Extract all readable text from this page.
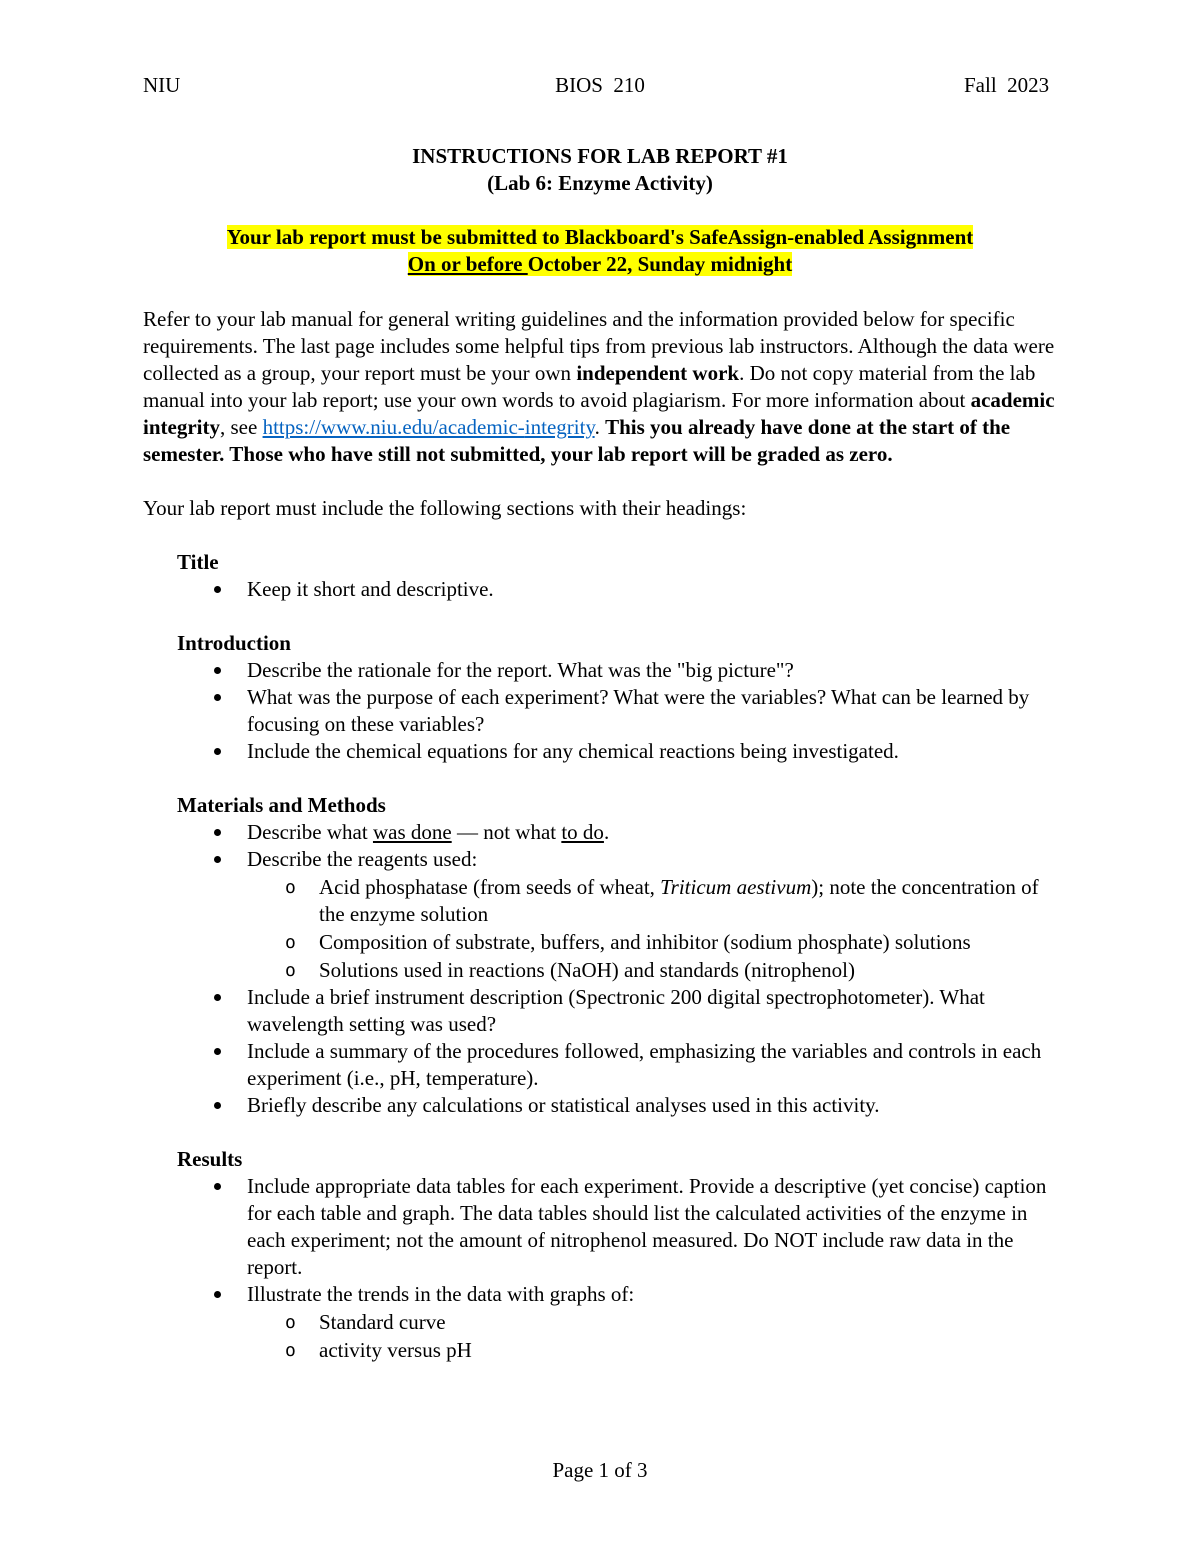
NIU	BIOS  210	Fall  2023
INSTRUCTIONS FOR LAB REPORT #1
(Lab 6: Enzyme Activity)
Your lab report must be submitted to Blackboard's SafeAssign-enabled Assignment
On or before October 22, Sunday midnight

Refer to your lab manual for general writing guidelines and the information provided below for specific requirements. The last page includes some helpful tips from previous lab instructors. Although the data were collected as a group, your report must be your own independent work. Do not copy material from the lab manual into your lab report; use your own words to avoid plagiarism. For more information about academic integrity, see https://www.niu.edu/academic-integrity. This you already have done at the start of the semester. Those who have still not submitted, your lab report will be graded as zero.

Your lab report must include the following sections with their headings:

Title
Keep it short and descriptive.
Introduction
Describe the rationale for the report. What was the "big picture"?
What was the purpose of each experiment? What were the variables? What can be learned by focusing on these variables?
Include the chemical equations for any chemical reactions being investigated.
Materials and Methods
Describe what was done — not what to do.
Describe the reagents used:
o Acid phosphatase (from seeds of wheat, Triticum aestivum); note the concentration of the enzyme solution
o Composition of substrate, buffers, and inhibitor (sodium phosphate) solutions
o Solutions used in reactions (NaOH) and standards (nitrophenol)
Include a brief instrument description (Spectronic 200 digital spectrophotometer). What wavelength setting was used?
Include a summary of the procedures followed, emphasizing the variables and controls in each experiment (i.e., pH, temperature).
Briefly describe any calculations or statistical analyses used in this activity.
Results
Include appropriate data tables for each experiment. Provide a descriptive (yet concise) caption for each table and graph. The data tables should list the calculated activities of the enzyme in each experiment; not the amount of nitrophenol measured. Do NOT include raw data in the report.
Illustrate the trends in the data with graphs of:
o Standard curve
o activity versus pH
Page 1 of 3
